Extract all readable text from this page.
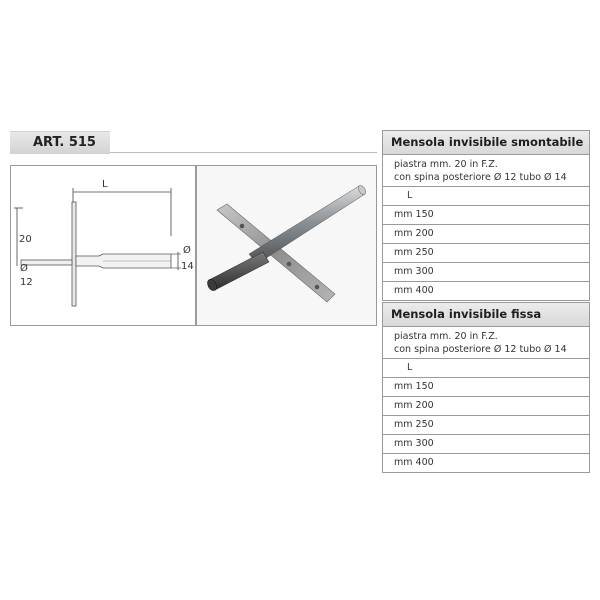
ART. 515
L
20
Ø
12
Ø
14
Mensola invisibile smontabile
piastra mm. 20 in F.Z.
con spina posteriore Ø 12 tubo Ø 14
L
mm 150
mm 200
mm 250
mm 300
mm 400
Mensola invisibile fissa
piastra mm. 20 in F.Z.
con spina posteriore Ø 12 tubo Ø 14
L
mm 150
mm 200
mm 250
mm 300
mm 400
